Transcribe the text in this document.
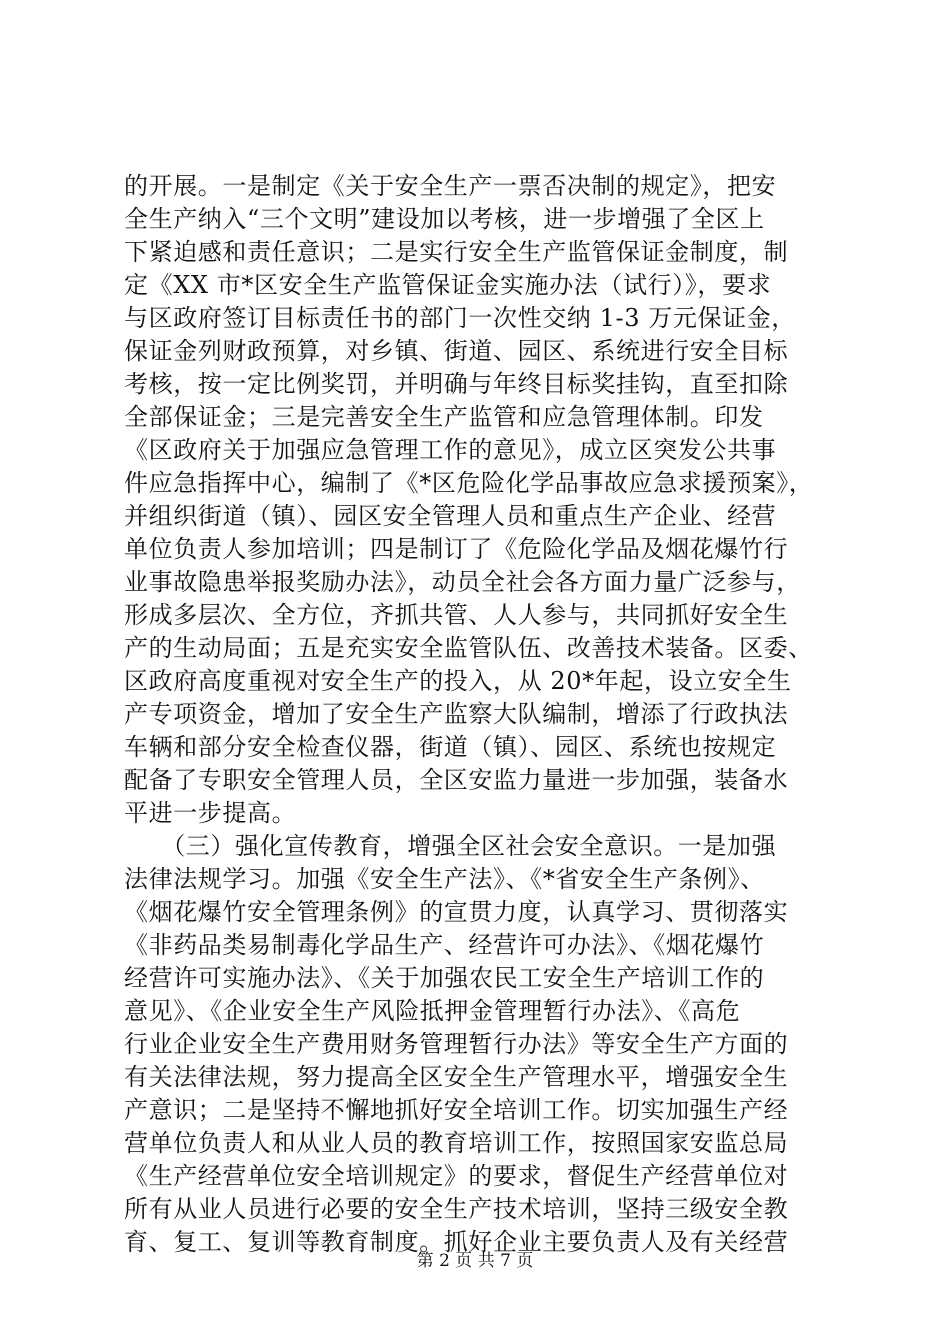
的开展。一是制定《关于安全生产一票否决制的规定》，把安
全生产纳入“三个文明”建设加以考核，进一步增强了全区上
下紧迫感和责任意识；二是实行安全生产监管保证金制度，制
定《XX 市*区安全生产监管保证金实施办法（试行）》，要求
与区政府签订目标责任书的部门一次性交纳 1-3 万元保证金，
保证金列财政预算，对乡镇、街道、园区、系统进行安全目标
考核，按一定比例奖罚，并明确与年终目标奖挂钩，直至扣除
全部保证金；三是完善安全生产监管和应急管理体制。印发
《区政府关于加强应急管理工作的意见》，成立区突发公共事
件应急指挥中心，编制了《*区危险化学品事故应急求援预案》，
并组织街道（镇）、园区安全管理人员和重点生产企业、经营
单位负责人参加培训；四是制订了《危险化学品及烟花爆竹行
业事故隐患举报奖励办法》，动员全社会各方面力量广泛参与，
形成多层次、全方位，齐抓共管、人人参与，共同抓好安全生
产的生动局面；五是充实安全监管队伍、改善技术装备。区委、
区政府高度重视对安全生产的投入，从 20*年起，设立安全生
产专项资金，增加了安全生产监察大队编制，增添了行政执法
车辆和部分安全检查仪器，街道（镇）、园区、系统也按规定
配备了专职安全管理人员，全区安监力量进一步加强，装备水
平进一步提高。
　　（三）强化宣传教育，增强全区社会安全意识。一是加强
法律法规学习。加强《安全生产法》、《*省安全生产条例》、
《烟花爆竹安全管理条例》的宣贯力度，认真学习、贯彻落实
《非药品类易制毒化学品生产、经营许可办法》、《烟花爆竹
经营许可实施办法》、《关于加强农民工安全生产培训工作的
意见》、《企业安全生产风险抵押金管理暂行办法》、《高危
行业企业安全生产费用财务管理暂行办法》等安全生产方面的
有关法律法规，努力提高全区安全生产管理水平，增强安全生
产意识；二是坚持不懈地抓好安全培训工作。切实加强生产经
营单位负责人和从业人员的教育培训工作，按照国家安监总局
《生产经营单位安全培训规定》的要求，督促生产经营单位对
所有从业人员进行必要的安全生产技术培训，坚持三级安全教
育、复工、复训等教育制度。抓好企业主要负责人及有关经营
第 2 页 共 7 页
